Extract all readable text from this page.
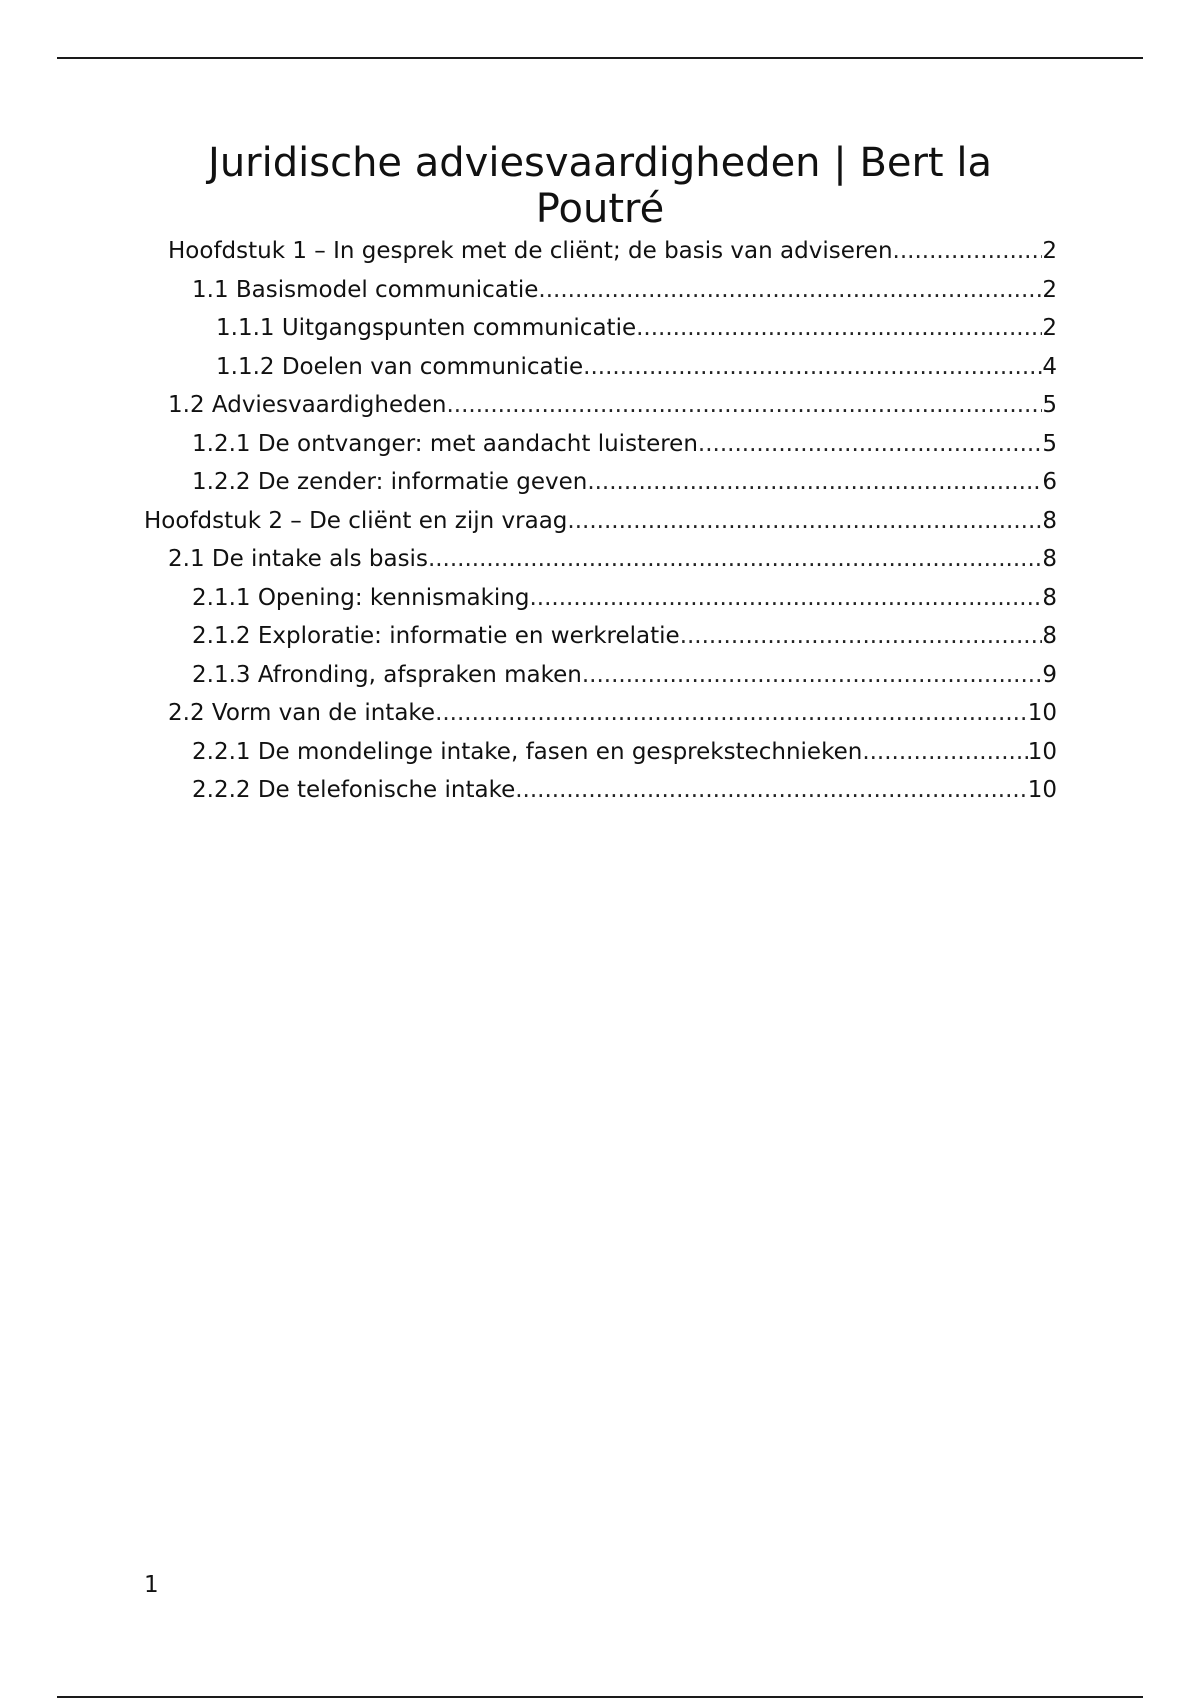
Juridische adviesvaardigheden | Bert la Poutré
Hoofdstuk 1 – In gesprek met de cliënt; de basis van adviseren .....	2
1.1 Basismodel communicatie .....	2
1.1.1 Uitgangspunten communicatie .....	2
1.1.2 Doelen van communicatie .....	4
1.2 Adviesvaardigheden .....	5
1.2.1 De ontvanger: met aandacht luisteren .....	5
1.2.2 De zender: informatie geven .....	6
Hoofdstuk 2 – De cliënt en zijn vraag .....	8
2.1 De intake als basis .....	8
2.1.1 Opening: kennismaking .....	8
2.1.2 Exploratie: informatie en werkrelatie .....	8
2.1.3 Afronding, afspraken maken .....	9
2.2 Vorm van de intake .....	10
2.2.1 De mondelinge intake, fasen en gesprekstechnieken .....	10
2.2.2 De telefonische intake .....	10
1
